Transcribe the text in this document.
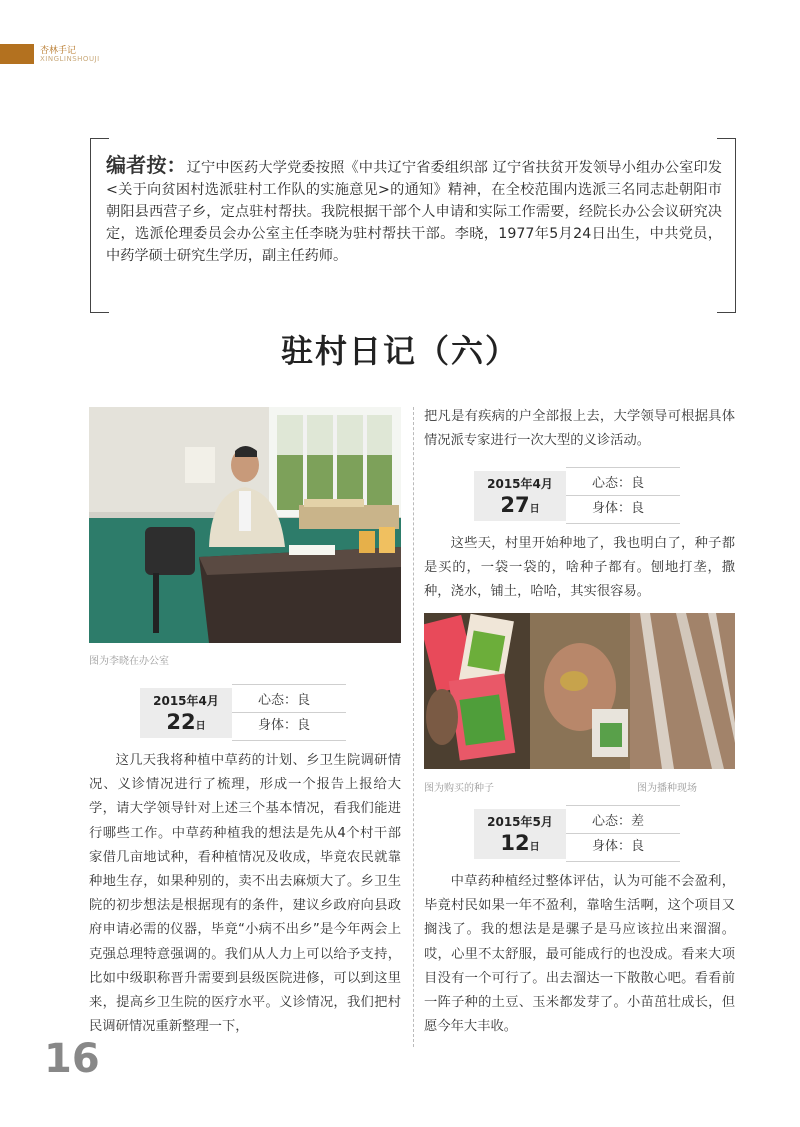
杏林手记
XINGLINSHOUJI
编者按：辽宁中医药大学党委按照《中共辽宁省委组织部 辽宁省扶贫开发领导小组办公室印发<关于向贫困村选派驻村工作队的实施意见>的通知》精神，在全校范围内选派三名同志赴朝阳市朝阳县西营子乡，定点驻村帮扶。我院根据干部个人申请和实际工作需要，经院长办公会议研究决定，选派伦理委员会办公室主任李晓为驻村帮扶干部。李晓，1977年5月24日出生，中共党员，中药学硕士研究生学历，副主任药师。
驻村日记（六）
图为李晓在办公室
2015年4月
22日
心态：良
身体：良
这几天我将种植中草药的计划、乡卫生院调研情况、义诊情况进行了梳理，形成一个报告上报给大学，请大学领导针对上述三个基本情况，看我们能进行哪些工作。中草药种植我的想法是先从4个村干部家借几亩地试种，看种植情况及收成，毕竟农民就靠种地生存，如果种别的，卖不出去麻烦大了。乡卫生院的初步想法是根据现有的条件，建议乡政府向县政府申请必需的仪器，毕竟“小病不出乡”是今年两会上克强总理特意强调的。我们从人力上可以给予支持，比如中级职称晋升需要到县级医院进修，可以到这里来，提高乡卫生院的医疗水平。义诊情况，我们把村民调研情况重新整理一下，
把凡是有疾病的户全部报上去，大学领导可根据具体情况派专家进行一次大型的义诊活动。
2015年4月
27日
心态：良
身体：良
这些天，村里开始种地了，我也明白了，种子都是买的，一袋一袋的，啥种子都有。刨地打垄，撒种，浇水，铺土，哈哈，其实很容易。
图为购买的种子	图为播种现场
2015年5月
12日
心态：差
身体：良
中草药种植经过整体评估，认为可能不会盈利，毕竟村民如果一年不盈利，靠啥生活啊，这个项目又搁浅了。我的想法是是骡子是马应该拉出来溜溜。哎，心里不太舒服，最可能成行的也没成。看来大项目没有一个可行了。出去溜达一下散散心吧。看看前一阵子种的土豆、玉米都发芽了。小苗茁壮成长，但愿今年大丰收。
16
